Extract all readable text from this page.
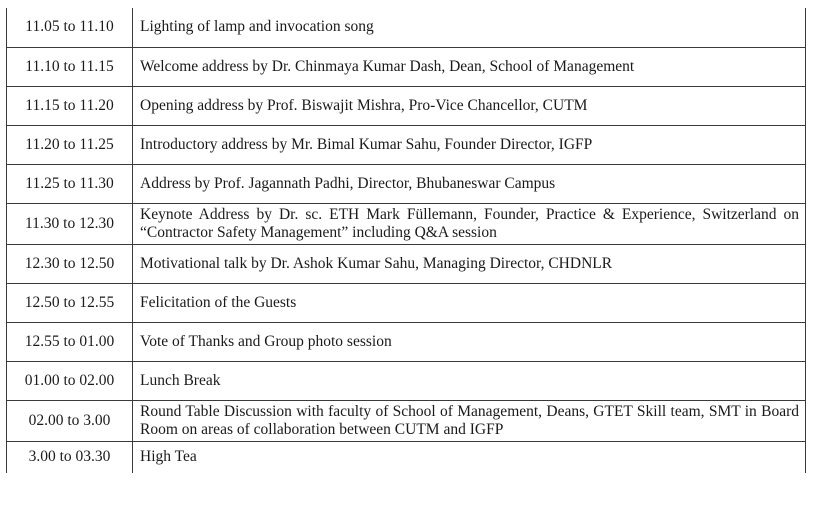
11.05 to 11.10	Lighting of lamp and invocation song
11.10 to 11.15	Welcome address by Dr. Chinmaya Kumar Dash, Dean, School of Management
11.15 to 11.20	Opening address by Prof. Biswajit Mishra, Pro-Vice Chancellor, CUTM
11.20 to 11.25	Introductory address by Mr. Bimal Kumar Sahu, Founder Director, IGFP
11.25 to 11.30	Address by Prof. Jagannath Padhi, Director, Bhubaneswar Campus
11.30 to 12.30	Keynote Address by Dr. sc. ETH Mark Füllemann, Founder, Practice & Experience, Switzerland on “Contractor Safety Management” including Q&A session
12.30 to 12.50	Motivational talk by Dr. Ashok Kumar Sahu, Managing Director, CHDNLR
12.50 to 12.55	Felicitation of the Guests
12.55 to 01.00	Vote of Thanks and Group photo session
01.00 to 02.00	Lunch Break
02.00 to 3.00	Round Table Discussion with faculty of School of Management, Deans, GTET Skill team, SMT in Board Room on areas of collaboration between CUTM and IGFP
3.00 to 03.30	High Tea
